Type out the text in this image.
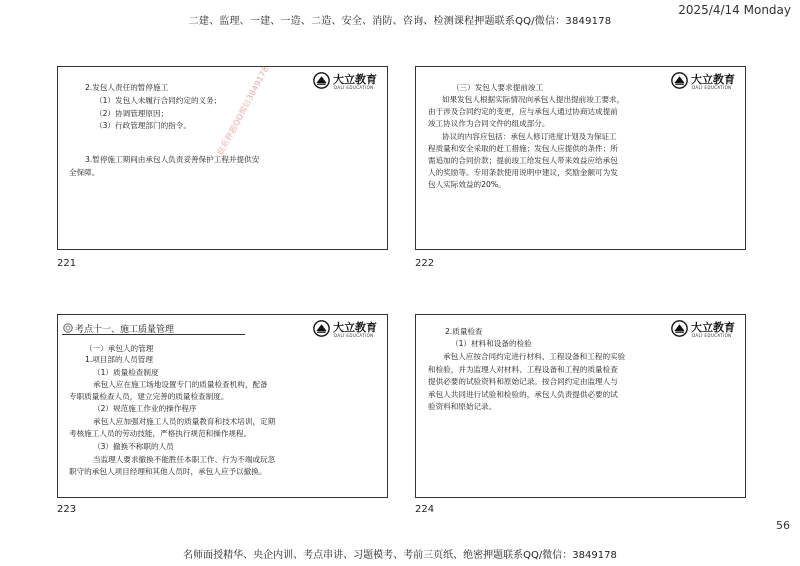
2025/4/14 Monday
二建、监理、一建、一造、二造、安全、消防、咨询、检测课程押题联系QQ/微信：3849178
大立教育
DALI EDUCATION
2.发包人责任的暂停施工
（1）发包人未履行合同约定的义务；
（2）协调管理原因；
（3）行政管理部门的指令。
3.暂停施工期间由承包人负责妥善保护工程并提供安
全保障。
221
大立教育
DALI EDUCATION
（三）发包人要求提前竣工
如果发包人根据实际情况向承包人提出提前竣工要求，
由于涉及合同约定的变更，应与承包人通过协商达成提前
竣工协议作为合同文件的组成部分。
协议的内容应包括：承包人修订进度计划及为保证工
程质量和安全采取的赶工措施；发包人应提供的条件；所
需追加的合同价款；提前竣工给发包人带来效益应给承包
人的奖励等。专用条款使用说明中建议，奖励金额可为发
包人实际效益的20%。
222
考点十一、施工质量管理	大立教育
DALI EDUCATION
（一）承包人的管理
1.项目部的人员管理
（1）质量检查制度
承包人应在施工场地设置专门的质量检查机构，配备
专职质量检查人员，建立完善的质量检查制度。
（2）规范施工作业的操作程序
承包人应加强对施工人员的质量教育和技术培训，定期
考核施工人员的劳动技能，严格执行规范和操作规程。
（3）撤换不称职的人员
当监理人要求撤换不能胜任本职工作、行为不端或玩忽
职守的承包人项目经理和其他人员时，承包人应予以撤换。
223
大立教育
DALI EDUCATION
2.质量检查
（1）材料和设备的检验
承包人应按合同约定进行材料、工程设备和工程的实验
和检验，并为监理人对材料、工程设备和工程的质量检查
提供必要的试验资料和原始记录。按合同约定由监理人与
承包人共同进行试验和检验的，承包人负责提供必要的试
验资料和原始记录。
224
联系押题QQ微信3849178
56
名师面授精华、央企内训、考点串讲、习题模考、考前三页纸、绝密押题联系QQ/微信：3849178
